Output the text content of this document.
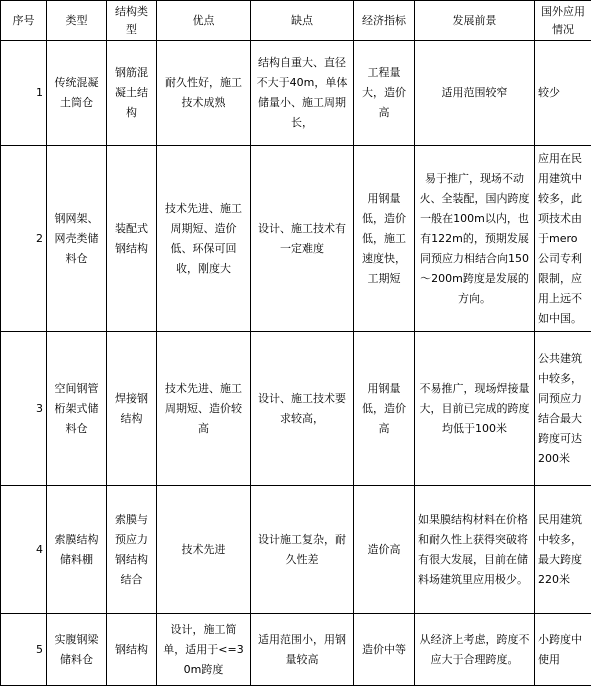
序号	类型	结构类型	优点	缺点	经济指标	发展前景	国外应用情况
1	传统混凝土筒仓	钢筋混凝土结构	耐久性好，施工技术成熟	结构自重大、直径不大于40m，单体储量小、施工周期长，	工程量大，造价高	适用范围较窄	较少
2	钢网架、网壳类储料仓	装配式钢结构	技术先进、施工周期短、造价低、环保可回收，刚度大	设计、施工技术有一定难度	用钢量低，造价低，施工速度快，工期短	易于推广，现场不动火、全装配，国内跨度一般在100m以内，也有122m的，预期发展同预应力相结合向150～200m跨度是发展的方向。	应用在民用建筑中较多，此项技术由于mero公司专利限制，应用上远不如中国。
3	空间钢管桁架式储料仓	焊接钢结构	技术先进、施工周期短、造价较高	设计、施工技术要求较高，	用钢量低，造价高	不易推广，现场焊接量大，目前已完成的跨度均低于100米	公共建筑中较多，同预应力结合最大跨度可达200米
4	索膜结构储料棚	索膜与预应力钢结构结合	技术先进	设计施工复杂，耐久性差	造价高	如果膜结构材料在价格和耐久性上获得突破将有很大发展，目前在储料场建筑里应用极少。	民用建筑中较多，最大跨度220米
5	实腹钢梁储料仓	钢结构	设计，施工简单，适用于<=30m跨度	适用范围小，用钢量较高	造价中等	从经济上考虑，跨度不应大于合理跨度。	小跨度中使用
